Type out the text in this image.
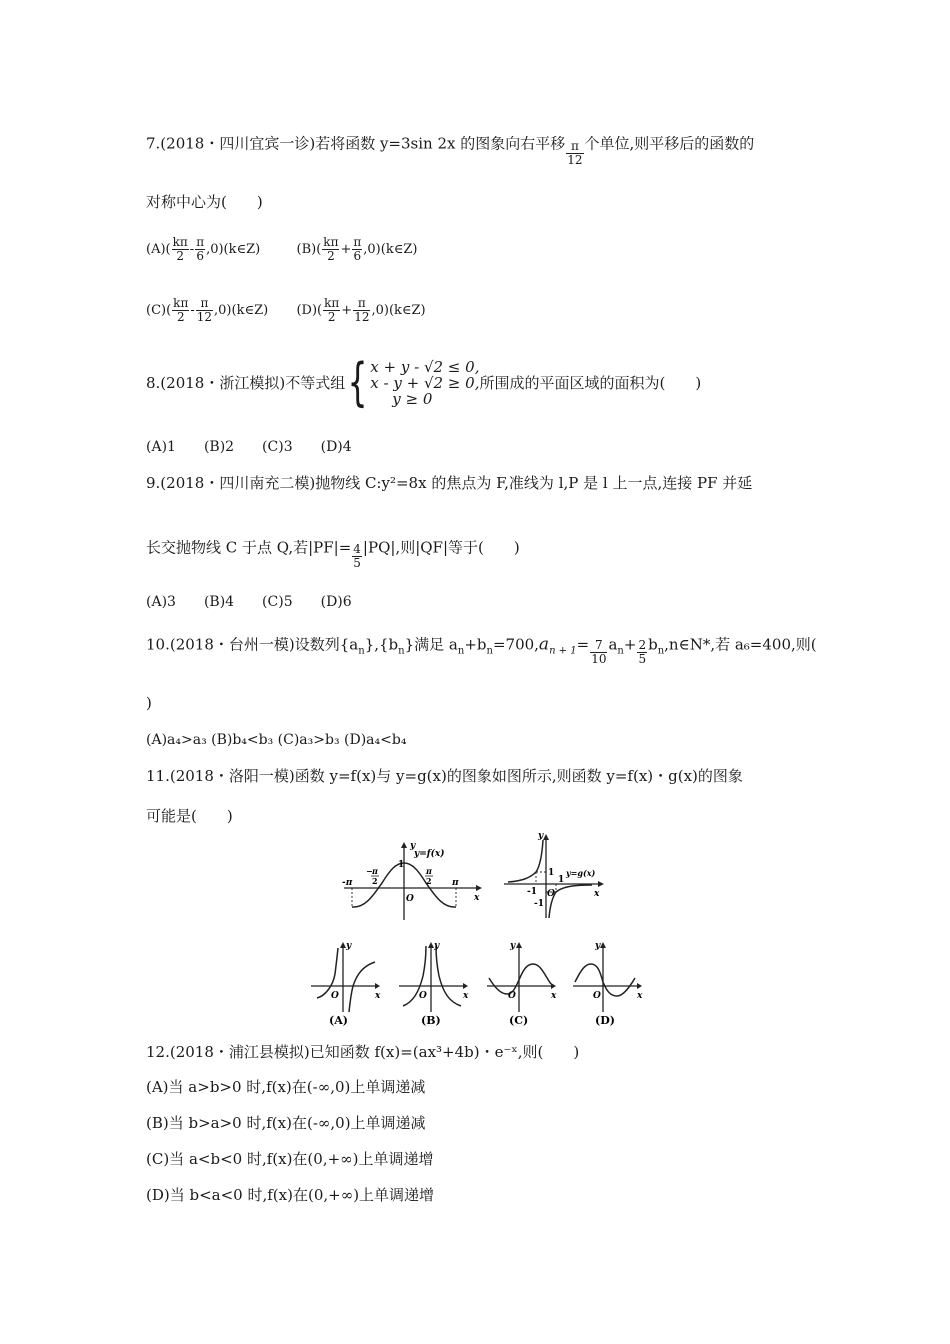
7.(2018・四川宜宾一诊)若将函数 y=3sin 2x 的图象向右平移 $\frac{\pi}{12}$ 个单位,则平移后的函数的
对称中心为(　　)
$(A)( \frac{k\pi}{2} - \frac{\pi}{6}$ ,0)(k∈Z)	$(B)( \frac{k\pi}{2} + \frac{\pi}{6}$ ,0)(k∈Z)
$(C)( \frac{k\pi}{2} - \frac{\pi}{12}$ ,0)(k∈Z) $(D)( \frac{k\pi}{2} + \frac{\pi}{12}$ ,0)(k∈Z)
8.(2018・浙江模拟)不等式组{ x + y - √2 ≤ 0,
x - y + √2 ≥ 0,
y ≥ 0
所围成的平面区域的面积为(　　)
(A)1　　(B)2　　(C)3　　(D)4
9.(2018・四川南充二模)抛物线 C:y²=8x 的焦点为 F,准线为 l,P 是 l 上一点,连接 PF 并延
长交抛物线 C 于点 Q,若$|PF|= \frac{4}{5} |PQ|$,则|QF|等于(　　)
(A)3　　(B)4　　(C)5　　(D)6
10.(2018・台州一模)设数列$\{a_n\},\{b_n\}$满足 $a_n+b_n=700,a_{n + 1}= \frac{7}{10} a_n+ \frac{2}{5}$ $b_n,n\in N*$,若 a₆=400,则(
)
(A)a₄>a₃ (B)b₄<b₃ (C)a₃>b₃ (D)a₄<b₄
11.(2018・洛阳一模)函数 y=f(x)与 y=g(x)的图象如图所示,则函数 y=f(x)・g(x)的图象
可能是(　　)
y
y=f(x)
1
-π	π
− π
2
π
2
O	x
y
y=g(x)
1
-1
1
-1
O	x
y
x
O
y
x
O
y
x
O
y
x
O
(A)	(B)	(C)	(D)
12.(2018・浦江县模拟)已知函数 f(x)=(ax³+4b)・e⁻ˣ,则(　　)
(A)当 a>b>0 时,f(x)在(-∞,0)上单调递减
(B)当 b>a>0 时,f(x)在(-∞,0)上单调递减
(C)当 a<b<0 时,f(x)在(0,+∞)上单调递增
(D)当 b<a<0 时,f(x)在(0,+∞)上单调递增
